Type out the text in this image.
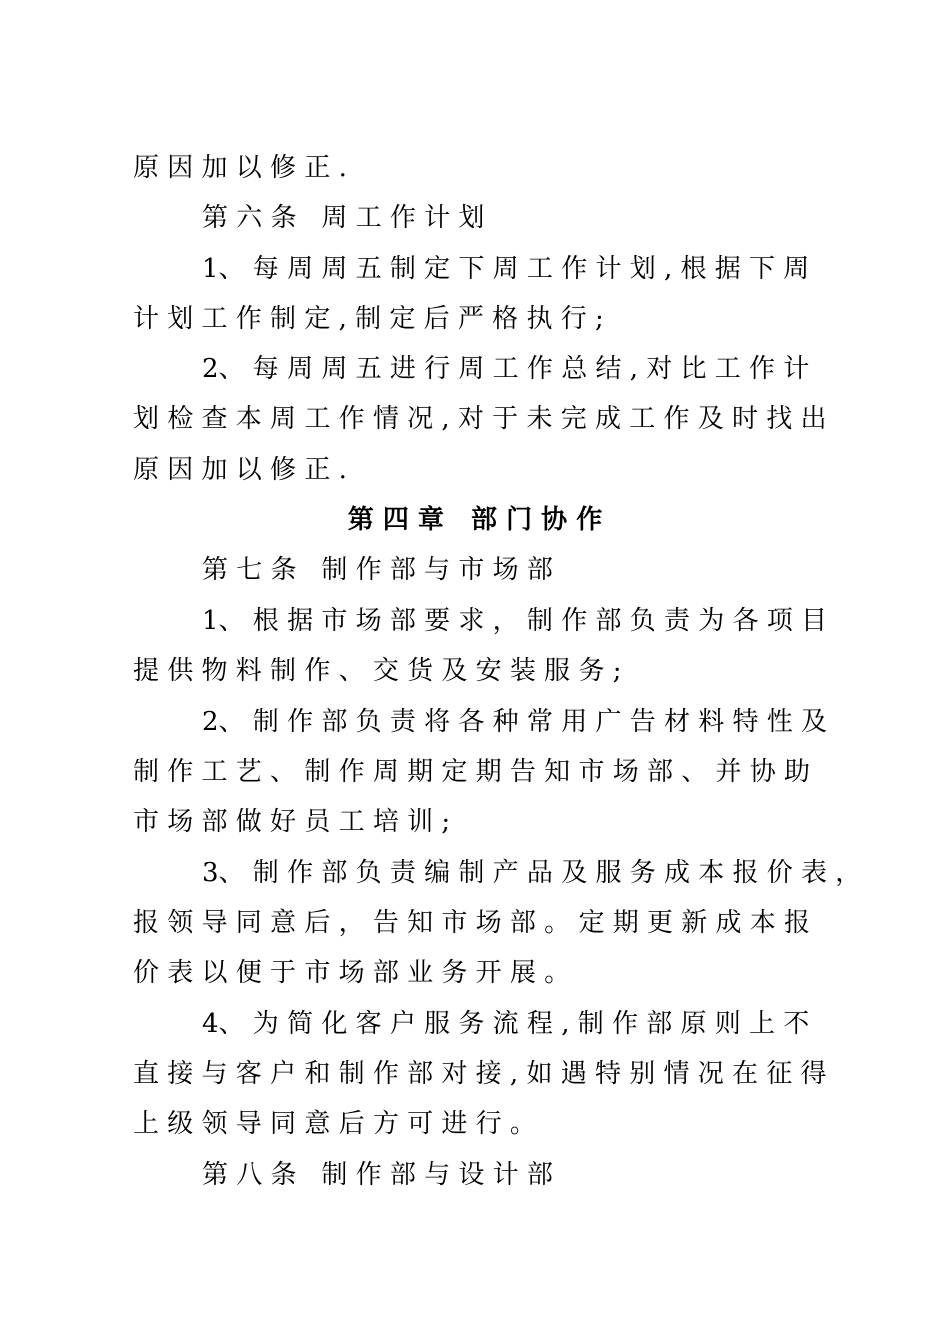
原 因 加 以 修 正 .
第 六 条   周 工 作 计 划
1、 每 周 周 五 制 定 下 周 工 作 计 划 , 根 据 下 周
计 划 工 作 制 定 , 制 定 后 严 格 执 行 ;
2、 每 周 周 五 进 行 周 工 作 总 结 , 对 比 工 作 计
划 检 查 本 周 工 作 情 况 , 对 于 未 完 成 工 作 及 时 找 出
原 因 加 以 修 正 .
第 四 章   部 门 协 作
第 七 条   制 作 部 与 市 场 部
1、 根 据 市 场 部 要 求 ， 制 作 部 负 责 为 各 项 目
提 供 物 料 制 作 、 交 货 及 安 装 服 务 ;
2、 制 作 部 负 责 将 各 种 常 用 广 告 材 料 特 性 及
制 作 工 艺 、 制 作 周 期 定 期 告 知 市 场 部 、 并 协 助
市 场 部 做 好 员 工 培 训 ;
3、 制 作 部 负 责 编 制 产 品 及 服 务 成 本 报 价 表 ，
报 领 导 同 意 后 ， 告 知 市 场 部 。 定 期 更 新 成 本 报
价 表 以 便 于 市 场 部 业 务 开 展 。
4、 为 简 化 客 户 服 务 流 程 , 制 作 部 原 则 上 不
直 接 与 客 户 和 制 作 部 对 接 , 如 遇 特 别 情 况 在 征 得
上 级 领 导 同 意 后 方 可 进 行 。
第 八 条   制 作 部 与 设 计 部
